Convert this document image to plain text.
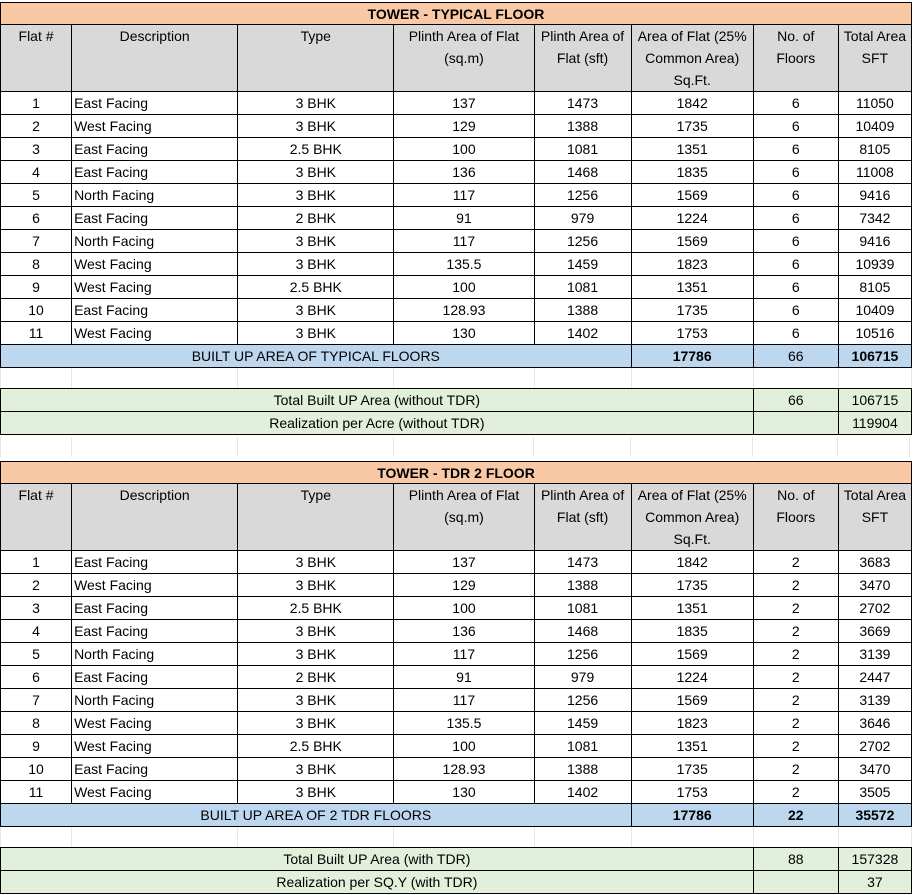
TOWER - TYPICAL FLOOR							
Flat #	Description	Type	Plinth Area of Flat (sq.m)	Plinth Area of Flat (sft)	Area of Flat (25% Common Area) Sq.Ft.	No. of Floors	Total Area SFT
1	East Facing	3 BHK	137	1473	1842	6	11050
2	West Facing	3 BHK	129	1388	1735	6	10409
3	East Facing	2.5 BHK	100	1081	1351	6	8105
4	East Facing	3 BHK	136	1468	1835	6	11008
5	North Facing	3 BHK	117	1256	1569	6	9416
6	East Facing	2 BHK	91	979	1224	6	7342
7	North Facing	3 BHK	117	1256	1569	6	9416
8	West Facing	3 BHK	135.5	1459	1823	6	10939
9	West Facing	2.5 BHK	100	1081	1351	6	8105
10	East Facing	3 BHK	128.93	1388	1735	6	10409
11	West Facing	3 BHK	130	1402	1753	6	10516
BUILT UP AREA OF TYPICAL FLOORS					17786	66	106715

Total Built UP Area (without TDR)						66	106715
Realization per Acre (without TDR)							119904
TOWER - TDR 2 FLOOR							
Flat #	Description	Type	Plinth Area of Flat (sq.m)	Plinth Area of Flat (sft)	Area of Flat (25% Common Area) Sq.Ft.	No. of Floors	Total Area SFT
1	East Facing	3 BHK	137	1473	1842	2	3683
2	West Facing	3 BHK	129	1388	1735	2	3470
3	East Facing	2.5 BHK	100	1081	1351	2	2702
4	East Facing	3 BHK	136	1468	1835	2	3669
5	North Facing	3 BHK	117	1256	1569	2	3139
6	East Facing	2 BHK	91	979	1224	2	2447
7	North Facing	3 BHK	117	1256	1569	2	3139
8	West Facing	3 BHK	135.5	1459	1823	2	3646
9	West Facing	2.5 BHK	100	1081	1351	2	2702
10	East Facing	3 BHK	128.93	1388	1735	2	3470
11	West Facing	3 BHK	130	1402	1753	2	3505
BUILT UP AREA OF 2 TDR FLOORS					17786	22	35572

Total Built UP Area (with TDR)						88	157328
Realization per SQ.Y (with TDR)							37
